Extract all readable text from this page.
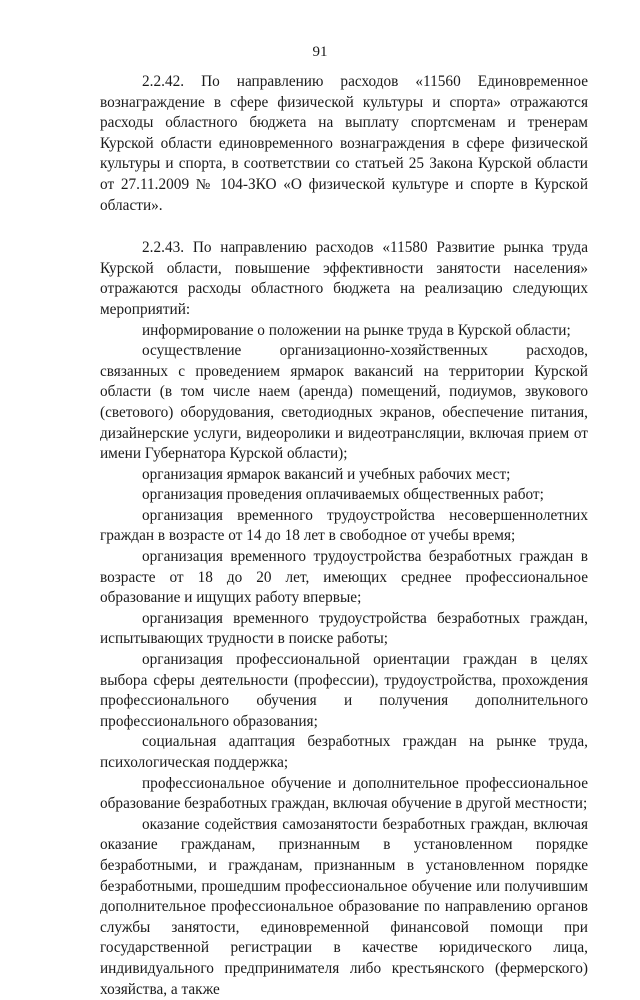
91

2.2.42. По направлению расходов «11560 Единовременное вознаграждение в сфере физической культуры и спорта» отражаются расходы областного бюджета на выплату спортсменам и тренерам Курской области единовременного вознаграждения в сфере физической культуры и спорта, в соответствии со статьей 25 Закона Курской области от 27.11.2009 № 104-ЗКО «О физической культуре и спорте в Курской области».

2.2.43. По направлению расходов «11580 Развитие рынка труда Курской области, повышение эффективности занятости населения» отражаются расходы областного бюджета на реализацию следующих мероприятий:

информирование о положении на рынке труда в Курской области;

осуществление организационно-хозяйственных расходов, связанных с проведением ярмарок вакансий на территории Курской области (в том числе наем (аренда) помещений, подиумов, звукового (светового) оборудования, светодиодных экранов, обеспечение питания, дизайнерские услуги, видеоролики и видеотрансляции, включая прием от имени Губернатора Курской области);

организация ярмарок вакансий и учебных рабочих мест;

организация проведения оплачиваемых общественных работ;

организация временного трудоустройства несовершеннолетних граждан в возрасте от 14 до 18 лет в свободное от учебы время;

организация временного трудоустройства безработных граждан в возрасте от 18 до 20 лет, имеющих среднее профессиональное образование и ищущих работу впервые;

организация временного трудоустройства безработных граждан, испытывающих трудности в поиске работы;

организация профессиональной ориентации граждан в целях выбора сферы деятельности (профессии), трудоустройства, прохождения профессионального обучения и получения дополнительного профессионального образования;

социальная адаптация безработных граждан на рынке труда, психологическая поддержка;

профессиональное обучение и дополнительное профессиональное образование безработных граждан, включая обучение в другой местности;

оказание содействия самозанятости безработных граждан, включая оказание гражданам, признанным в установленном порядке безработными, и гражданам, признанным в установленном порядке безработными, прошедшим профессиональное обучение или получившим дополнительное профессиональное образование по направлению органов службы занятости, единовременной финансовой помощи при государственной регистрации в качестве юридического лица, индивидуального предпринимателя либо крестьянского (фермерского) хозяйства, а также
